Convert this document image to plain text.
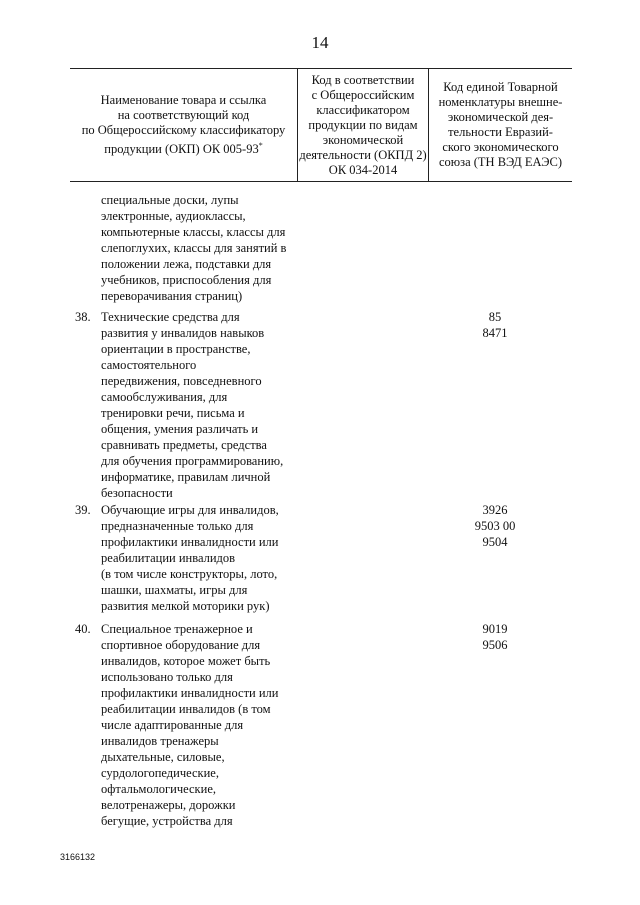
14
Наименование товара и ссылка
на соответствующий код
по Общероссийскому классификатору
продукции (ОКП) ОК 005-93*
Код в соответствии
с Общероссийским
классификатором
продукции по видам
экономической
деятельности (ОКПД 2)
ОК 034-2014
Код единой Товарной
номенклатуры внешне-
экономической дея-
тельности Евразий-
ского экономического
союза (ТН ВЭД ЕАЭС)
специальные доски, лупы
электронные, аудиоклассы,
компьютерные классы, классы для
слепоглухих, классы для занятий в
положении лежа, подставки для
учебников, приспособления для
переворачивания страниц)
38. Технические средства для
развития у инвалидов навыков
ориентации в пространстве,
самостоятельного
передвижения, повседневного
самообслуживания, для
тренировки речи, письма и
общения, умения различать и
сравнивать предметы, средства
для обучения программированию,
информатике, правилам личной
безопасности
85
8471
39. Обучающие игры для инвалидов,
предназначенные только для
профилактики инвалидности или
реабилитации инвалидов
(в том числе конструкторы, лото,
шашки, шахматы, игры для
развития мелкой моторики рук)
3926
9503 00
9504
40. Специальное тренажерное и
спортивное оборудование для
инвалидов, которое может быть
использовано только для
профилактики инвалидности или
реабилитации инвалидов (в том
числе адаптированные для
инвалидов тренажеры
дыхательные, силовые,
сурдологопедические,
офтальмологические,
велотренажеры, дорожки
бегущие, устройства для
9019
9506
3166132
